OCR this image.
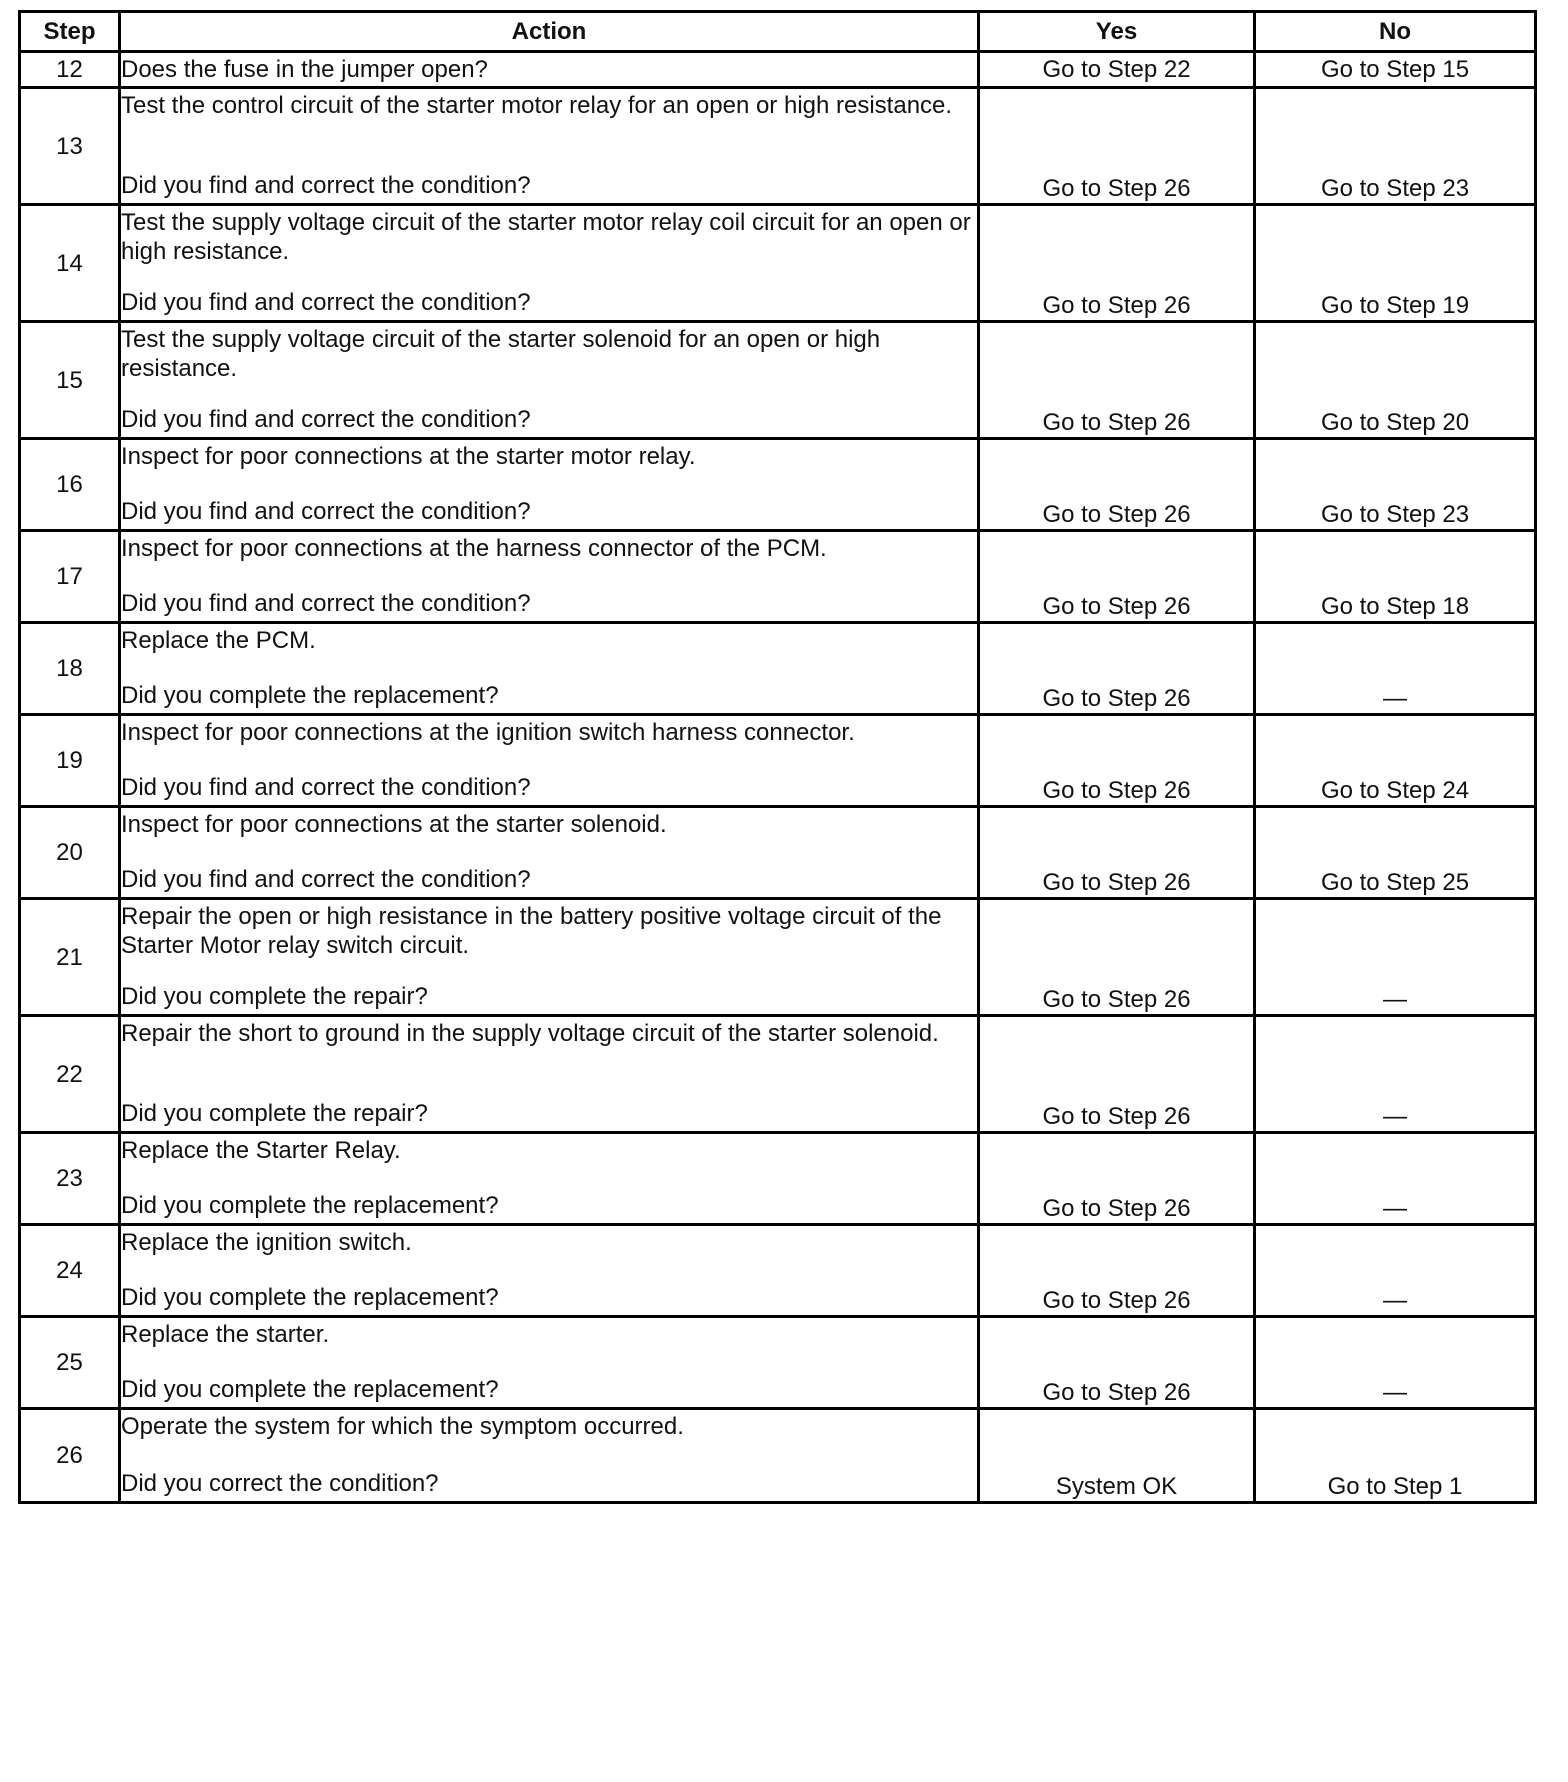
Step	Action	Yes	No
12	Does the fuse in the jumper open?	Go to Step 22	Go to Step 15
13	Test the control circuit of the starter motor relay for an open or high resistance.
Did you find and correct the condition?	Go to Step 26	Go to Step 23
14	Test the supply voltage circuit of the starter motor relay coil circuit for an open or high resistance.
Did you find and correct the condition?	Go to Step 26	Go to Step 19
15	Test the supply voltage circuit of the starter solenoid for an open or high resistance.
Did you find and correct the condition?	Go to Step 26	Go to Step 20
16	Inspect for poor connections at the starter motor relay.
Did you find and correct the condition?	Go to Step 26	Go to Step 23
17	Inspect for poor connections at the harness connector of the PCM.
Did you find and correct the condition?	Go to Step 26	Go to Step 18
18	Replace the PCM.
Did you complete the replacement?	Go to Step 26	—
19	Inspect for poor connections at the ignition switch harness connector.
Did you find and correct the condition?	Go to Step 26	Go to Step 24
20	Inspect for poor connections at the starter solenoid.
Did you find and correct the condition?	Go to Step 26	Go to Step 25
21	Repair the open or high resistance in the battery positive voltage circuit of the Starter Motor relay switch circuit.
Did you complete the repair?	Go to Step 26	—
22	Repair the short to ground in the supply voltage circuit of the starter solenoid.
Did you complete the repair?	Go to Step 26	—
23	Replace the Starter Relay.
Did you complete the replacement?	Go to Step 26	—
24	Replace the ignition switch.
Did you complete the replacement?	Go to Step 26	—
25	Replace the starter.
Did you complete the replacement?	Go to Step 26	—
26	Operate the system for which the symptom occurred.
Did you correct the condition?	System OK	Go to Step 1
